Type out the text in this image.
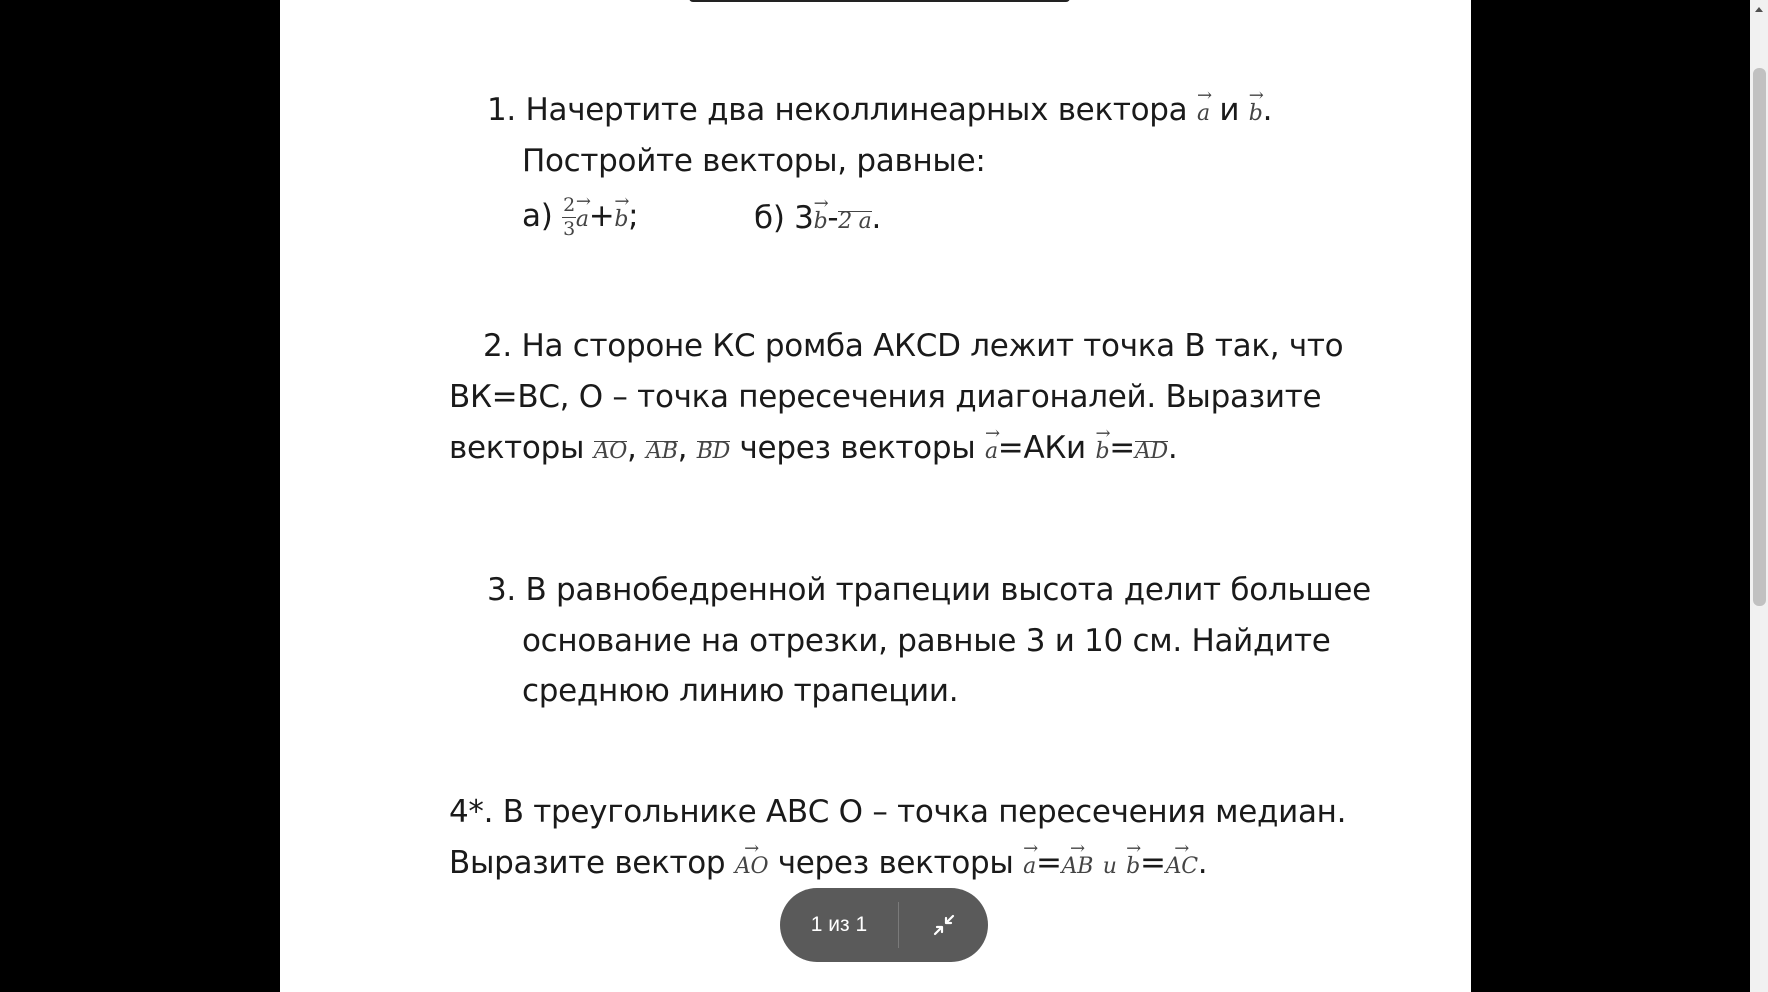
1. Начертите два неколлинеарных вектора a → и b →.
Постройте векторы, равные:
$а) \frac{2}{3}$ a →+b →;	б) 3b →-2 a.
2. На стороне КС ромба АКСD лежит точка В так, что
ВК=ВС, О – точка пересечения диагоналей. Выразите
векторы AO, AB, BD через векторы a →=АКи b →=AD.
3. В равнобедренной трапеции высота делит большее
основание на отрезки, равные 3 и 10 см. Найдите
среднюю линию трапеции.
4*. В треугольнике АВС О – точка пересечения медиан.
Выразите вектор AO → через векторы a →=AB → и b →=AC →.
1 из 1
